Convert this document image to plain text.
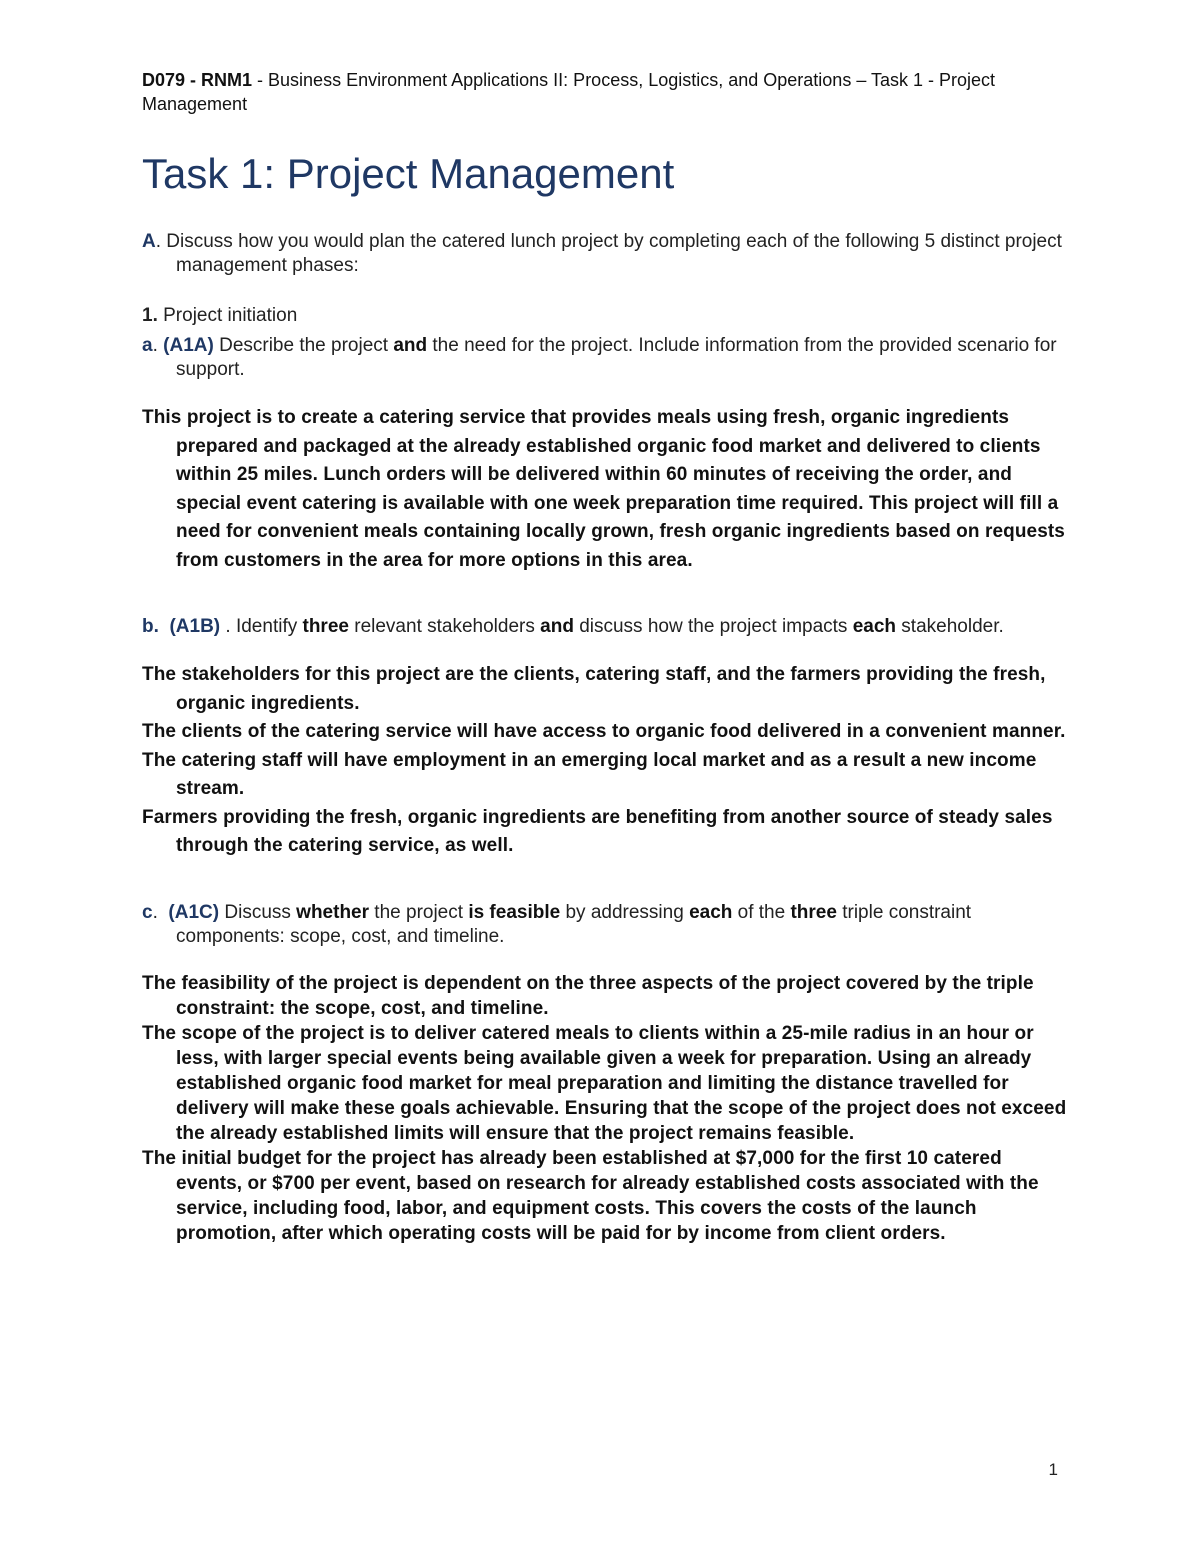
D079 - RNM1 - Business Environment Applications II: Process, Logistics, and Operations – Task 1 - Project Management
Task 1: Project Management
A. Discuss how you would plan the catered lunch project by completing each of the following 5 distinct project management phases:
1. Project initiation
a. (A1A) Describe the project and the need for the project. Include information from the provided scenario for support.
This project is to create a catering service that provides meals using fresh, organic ingredients prepared and packaged at the already established organic food market and delivered to clients within 25 miles. Lunch orders will be delivered within 60 minutes of receiving the order, and special event catering is available with one week preparation time required. This project will fill a need for convenient meals containing locally grown, fresh organic ingredients based on requests from customers in the area for more options in this area.
b. (A1B) . Identify three relevant stakeholders and discuss how the project impacts each stakeholder.
The stakeholders for this project are the clients, catering staff, and the farmers providing the fresh, organic ingredients.
The clients of the catering service will have access to organic food delivered in a convenient manner.
The catering staff will have employment in an emerging local market and as a result a new income stream.
Farmers providing the fresh, organic ingredients are benefiting from another source of steady sales through the catering service, as well.
c.  (A1C) Discuss whether the project is feasible by addressing each of the three triple constraint components: scope, cost, and timeline.
The feasibility of the project is dependent on the three aspects of the project covered by the triple constraint: the scope, cost, and timeline.
The scope of the project is to deliver catered meals to clients within a 25-mile radius in an hour or less, with larger special events being available given a week for preparation. Using an already established organic food market for meal preparation and limiting the distance travelled for delivery will make these goals achievable. Ensuring that the scope of the project does not exceed the already established limits will ensure that the project remains feasible.
The initial budget for the project has already been established at $7,000 for the first 10 catered events, or $700 per event, based on research for already established costs associated with the service, including food, labor, and equipment costs. This covers the costs of the launch promotion, after which operating costs will be paid for by income from client orders.
1
